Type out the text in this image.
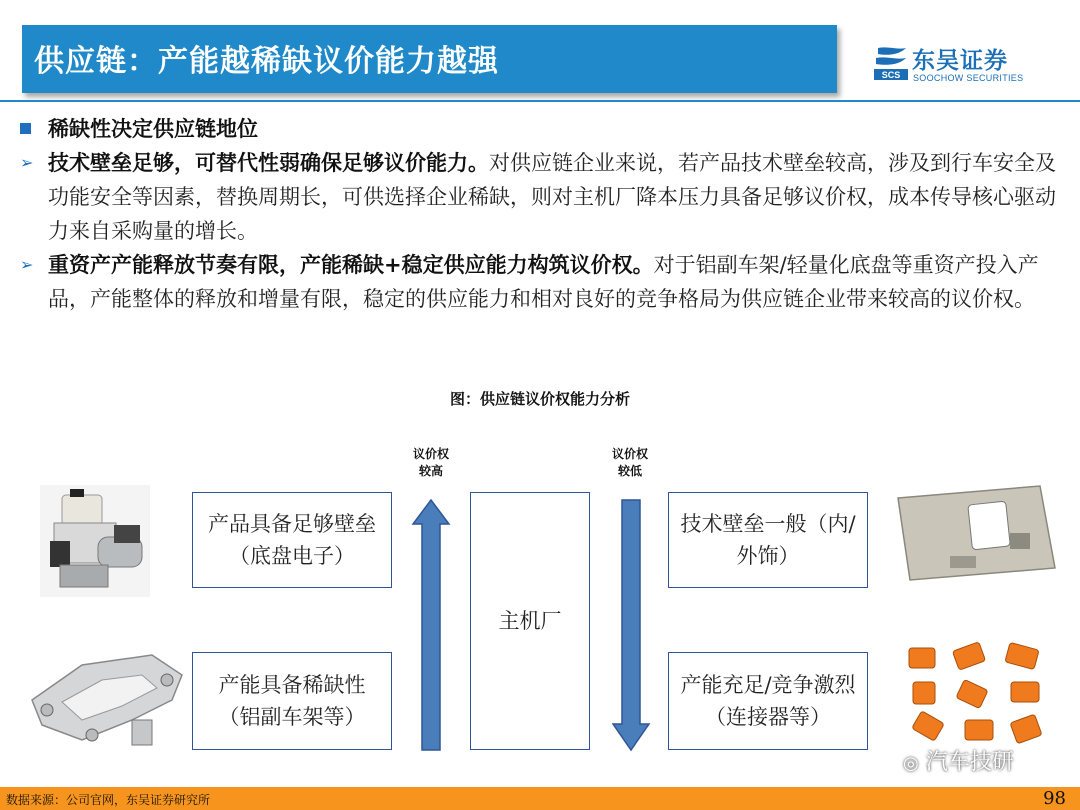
供应链：产能越稀缺议价能力越强	SCS
东吴证券
SOOCHOW SECURITIES
稀缺性决定供应链地位
➢ 技术壁垒足够，可替代性弱确保足够议价能力。对供应链企业来说，若产品技术壁垒较高，涉及到行车安全及功能安全等因素，替换周期长，可供选择企业稀缺，则对主机厂降本压力具备足够议价权，成本传导核心驱动力来自采购量的增长。
➢ 重资产产能释放节奏有限，产能稀缺+稳定供应能力构筑议价权。对于铝副车架/轻量化底盘等重资产投入产品，产能整体的释放和增量有限，稳定的供应能力和相对良好的竞争格局为供应链企业带来较高的议价权。
图：供应链议价权能力分析
产品具备足够壁垒（底盘电子）
产能具备稀缺性（铝副车架等）
主机厂
技术壁垒一般（内/外饰）
产能充足/竞争激烈（连接器等）
议价权
较高
议价权
较低
◎ 汽车技研
数据来源：公司官网，东吴证券研究所	98
